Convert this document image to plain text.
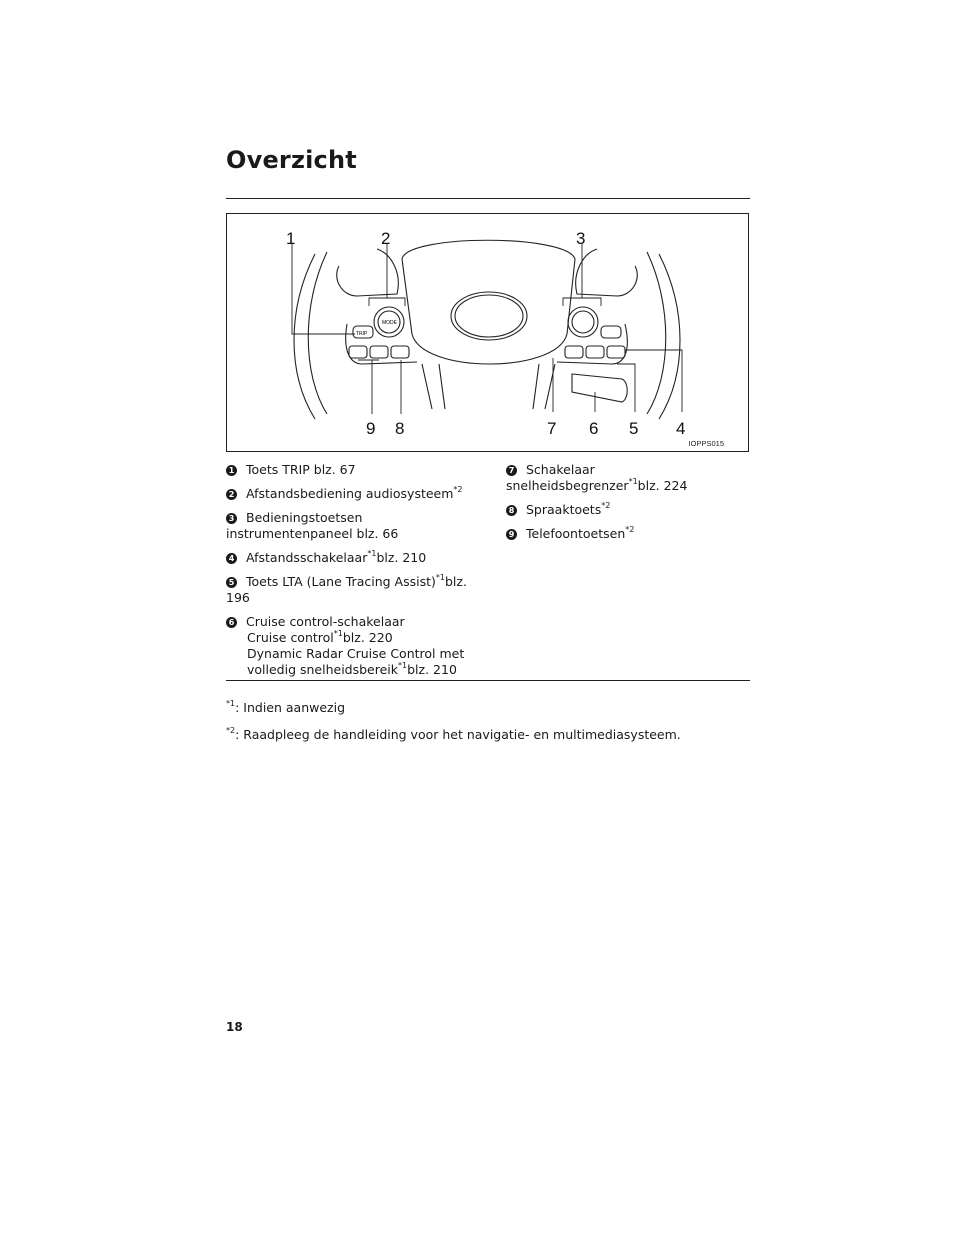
Overzicht
1	2	3
4
5
6
7
8
9
TRIP
MODE
IOPPS015
1 Toets TRIP blz. 67
2 Afstandsbediening audiosysteem$^{*2}$
3 Bedieningstoetsen instrumentenpaneel blz. 66
4 Afstandsschakelaar$^{*1}$blz. 210
5 Toets LTA (Lane Tracing Assist)$^{*1}$blz. 196
6 Cruise control-schakelaar
Cruise control$^{*1}$blz. 220
Dynamic Radar Cruise Control met volledig snelheidsbereik$^{*1}$blz. 210
7 Schakelaar snelheidsbegrenzer$^{*1}$blz. 224
8 Spraaktoets$^{*2}$
9 Telefoontoetsen$^{*2}$

$^{*1}$: Indien aanwezig

$^{*2}$: Raadpleeg de handleiding voor het navigatie- en multimediasysteem.

18
